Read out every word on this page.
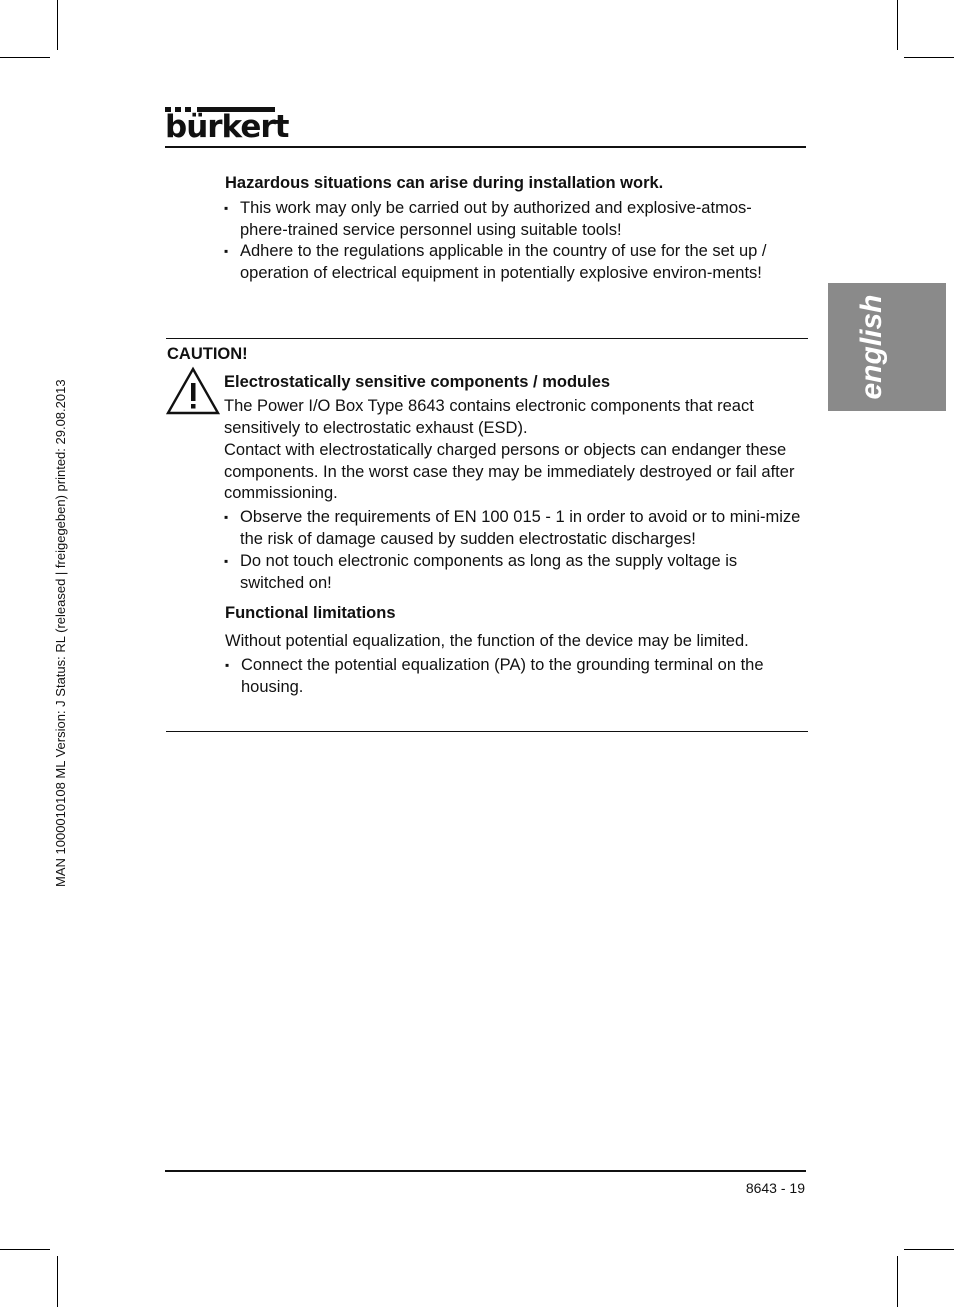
bürkert
english
MAN 1000010108 ML Version: J Status: RL (released | freigegeben) printed: 29.08.2013
Hazardous situations can arise during installation work.
▪ This work may only be carried out by authorized and explosive-atmos-phere-trained service personnel using suitable tools!
▪ Adhere to the regulations applicable in the country of use for the set up / operation of electrical equipment in potentially explosive environ-ments!
CAUTION!
Electrostatically sensitive components / modules
The Power I/O Box Type 8643 contains electronic components that react sensitively to electrostatic exhaust (ESD).
Contact with electrostatically charged persons or objects can endanger these components. In the worst case they may be immediately destroyed or fail after commissioning.
▪ Observe the requirements of EN 100 015 - 1 in order to avoid or to mini-mize the risk of damage caused by sudden electrostatic discharges!
▪ Do not touch electronic components as long as the supply voltage is switched on!
Functional limitations
Without potential equalization, the function of the device may be limited.
▪ Connect the potential equalization (PA) to the grounding terminal on the housing.
8643 - 19
